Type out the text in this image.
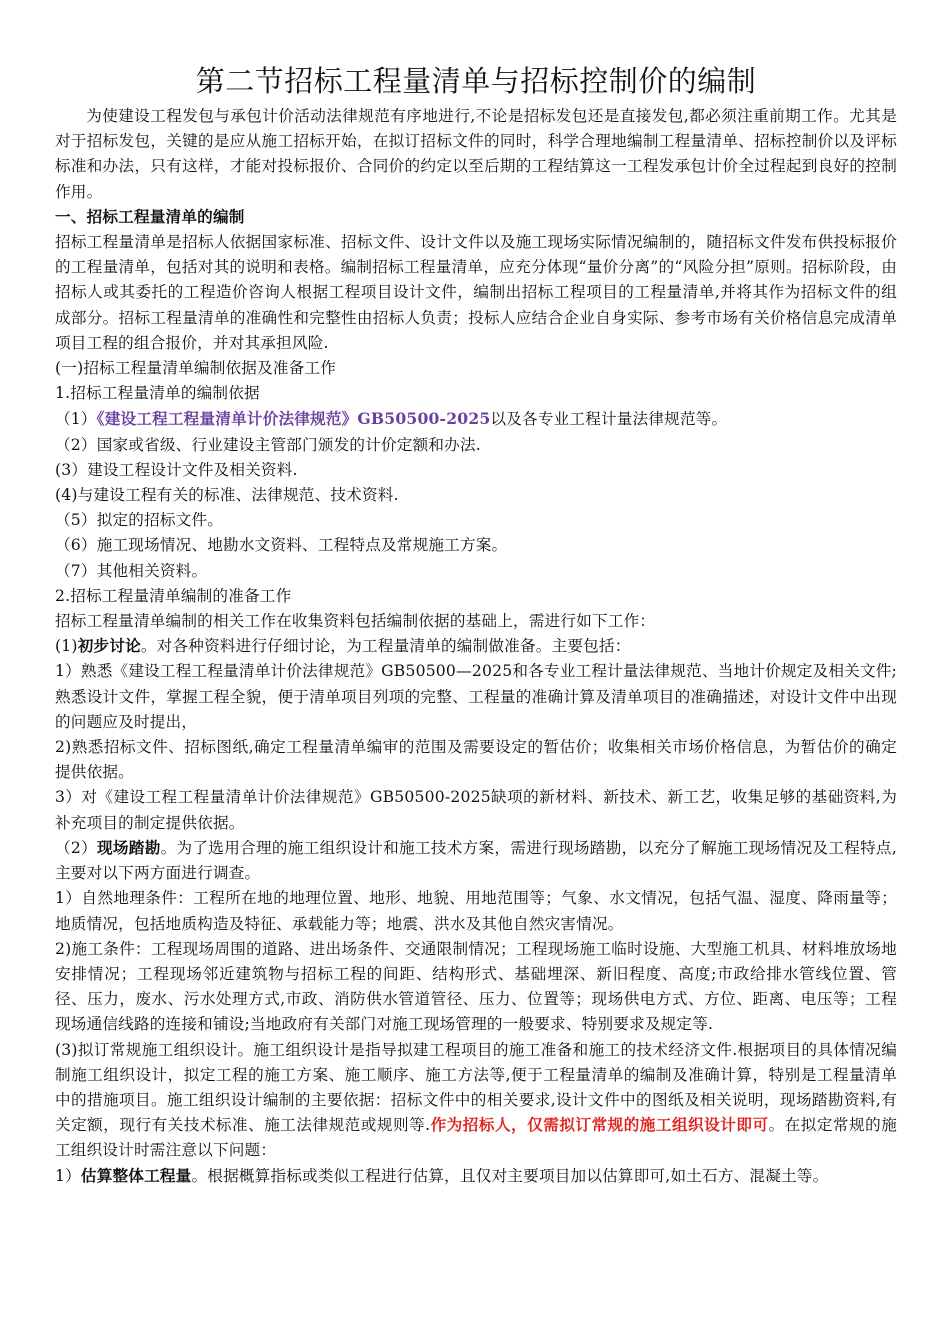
第二节招标工程量清单与招标控制价的编制

为使建设工程发包与承包计价活动法律规范有序地进行,不论是招标发包还是直接发包,都必须注重前期工作。尤其是对于招标发包，关键的是应从施工招标开始，在拟订招标文件的同时，科学合理地编制工程量清单、招标控制价以及评标标准和办法，只有这样，才能对投标报价、合同价的约定以至后期的工程结算这一工程发承包计价全过程起到良好的控制作用。

一、招标工程量清单的编制

招标工程量清单是招标人依据国家标准、招标文件、设计文件以及施工现场实际情况编制的，随招标文件发布供投标报价的工程量清单，包括对其的说明和表格。编制招标工程量清单，应充分体现“量价分离”的“风险分担”原则。招标阶段，由招标人或其委托的工程造价咨询人根据工程项目设计文件，编制出招标工程项目的工程量清单,并将其作为招标文件的组成部分。招标工程量清单的准确性和完整性由招标人负责；投标人应结合企业自身实际、参考市场有关价格信息完成清单项目工程的组合报价，并对其承担风险.

(一)招标工程量清单编制依据及准备工作

1.招标工程量清单的编制依据

（1）《建设工程工程量清单计价法律规范》GB50500-2025以及各专业工程计量法律规范等。

（2）国家或省级、行业建设主管部门颁发的计价定额和办法.

(3）建设工程设计文件及相关资料.

(4)与建设工程有关的标准、法律规范、技术资料.

（5）拟定的招标文件。

（6）施工现场情况、地勘水文资料、工程特点及常规施工方案。

（7）其他相关资料。

2.招标工程量清单编制的准备工作

招标工程量清单编制的相关工作在收集资料包括编制依据的基础上，需进行如下工作：

(1)初步讨论。对各种资料进行仔细讨论，为工程量清单的编制做准备。主要包括：

1）熟悉《建设工程工程量清单计价法律规范》GB50500—2025和各专业工程计量法律规范、当地计价规定及相关文件;熟悉设计文件，掌握工程全貌，便于清单项目列项的完整、工程量的准确计算及清单项目的准确描述，对设计文件中出现的问题应及时提出，

2)熟悉招标文件、招标图纸,确定工程量清单编审的范围及需要设定的暂估价；收集相关市场价格信息，为暂估价的确定提供依据。

3）对《建设工程工程量清单计价法律规范》GB50500-2025缺项的新材料、新技术、新工艺，收集足够的基础资料,为补充项目的制定提供依据。

（2）现场踏勘。为了选用合理的施工组织设计和施工技术方案，需进行现场踏勘，以充分了解施工现场情况及工程特点,主要对以下两方面进行调查。

1）自然地理条件：工程所在地的地理位置、地形、地貌、用地范围等；气象、水文情况，包括气温、湿度、降雨量等；地质情况，包括地质构造及特征、承载能力等；地震、洪水及其他自然灾害情况。

2)施工条件：工程现场周围的道路、进出场条件、交通限制情况；工程现场施工临时设施、大型施工机具、材料堆放场地安排情况；工程现场邻近建筑物与招标工程的间距、结构形式、基础埋深、新旧程度、高度;市政给排水管线位置、管径、压力，废水、污水处理方式,市政、消防供水管道管径、压力、位置等；现场供电方式、方位、距离、电压等；工程现场通信线路的连接和铺设;当地政府有关部门对施工现场管理的一般要求、特别要求及规定等.

(3)拟订常规施工组织设计。施工组织设计是指导拟建工程项目的施工准备和施工的技术经济文件.根据项目的具体情况编制施工组织设计，拟定工程的施工方案、施工顺序、施工方法等,便于工程量清单的编制及准确计算，特别是工程量清单中的措施项目。施工组织设计编制的主要依据：招标文件中的相关要求,设计文件中的图纸及相关说明，现场踏勘资料,有关定额，现行有关技术标准、施工法律规范或规则等.作为招标人，仅需拟订常规的施工组织设计即可。在拟定常规的施工组织设计时需注意以下问题：

1）估算整体工程量。根据概算指标或类似工程进行估算，且仅对主要项目加以估算即可,如土石方、混凝土等。
